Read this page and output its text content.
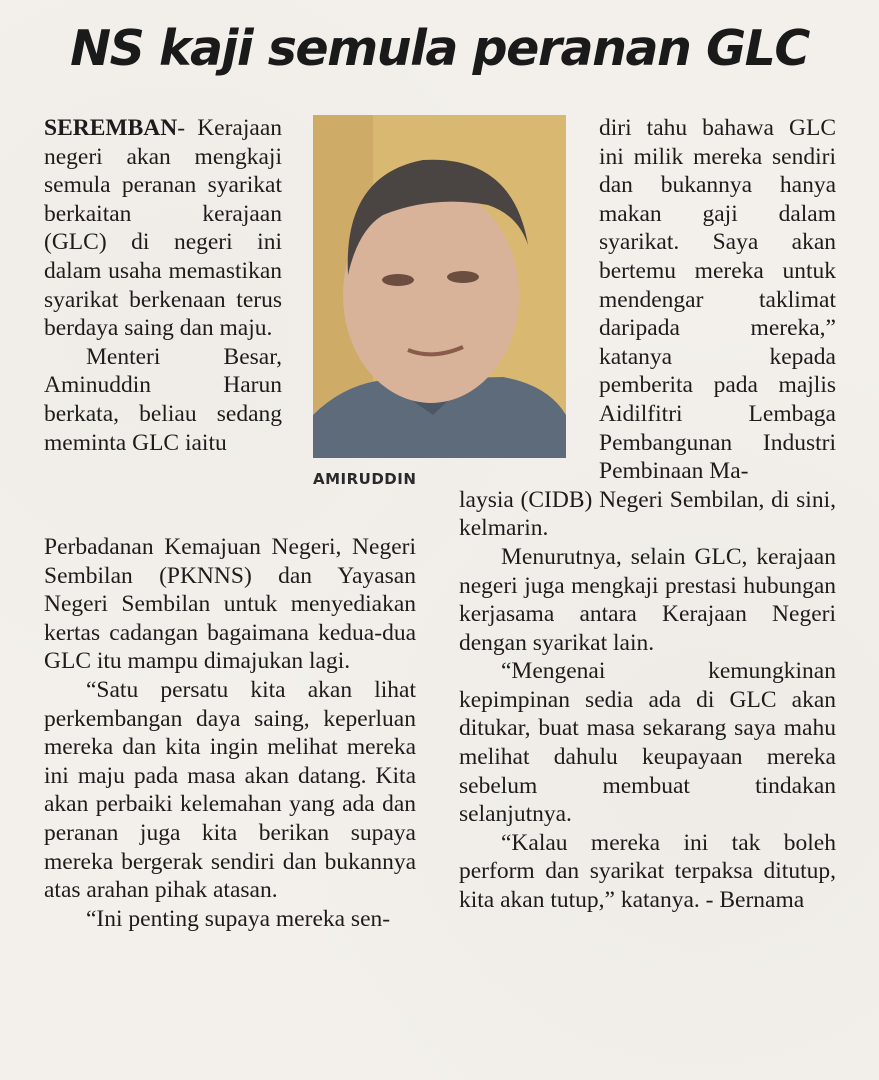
NS kaji semula peranan GLC

SEREMBAN- Kerajaan negeri akan mengkaji semula peranan syarikat berkaitan kerajaan (GLC) di negeri ini dalam usaha memastikan syarikat berkenaan terus berdaya saing dan maju.

Menteri Besar, Aminuddin Harun berkata, beliau sedang meminta GLC iaitu

AMIRUDDIN

Perbadanan Kemajuan Negeri, Negeri Sembilan (PKNNS) dan Yayasan Negeri Sembilan untuk menyediakan kertas cadangan bagaimana kedua-dua GLC itu mampu dimajukan lagi.

“Satu persatu kita akan lihat perkembangan daya saing, keperluan mereka dan kita ingin melihat mereka ini maju pada masa akan datang. Kita akan perbaiki kelemahan yang ada dan peranan juga kita berikan supaya mereka bergerak sendiri dan bukannya atas arahan pihak atasan.

“Ini penting supaya mereka sen-

diri tahu bahawa GLC ini milik mereka sendiri dan bukannya hanya makan gaji dalam syarikat. Saya akan bertemu mereka untuk mendengar taklimat daripada mereka,” katanya kepada pemberita pada majlis Aidilfitri Lembaga Pembangunan Industri Pembinaan Ma-

laysia (CIDB) Negeri Sembilan, di sini, kelmarin.

Menurutnya, selain GLC, kerajaan negeri juga mengkaji prestasi hubungan kerjasama antara Kerajaan Negeri dengan syarikat lain.

“Mengenai kemungkinan kepimpinan sedia ada di GLC akan ditukar, buat masa sekarang saya mahu melihat dahulu keupayaan mereka sebelum membuat tindakan selanjutnya.

“Kalau mereka ini tak boleh perform dan syarikat terpaksa ditutup, kita akan tutup,” katanya. - Bernama
